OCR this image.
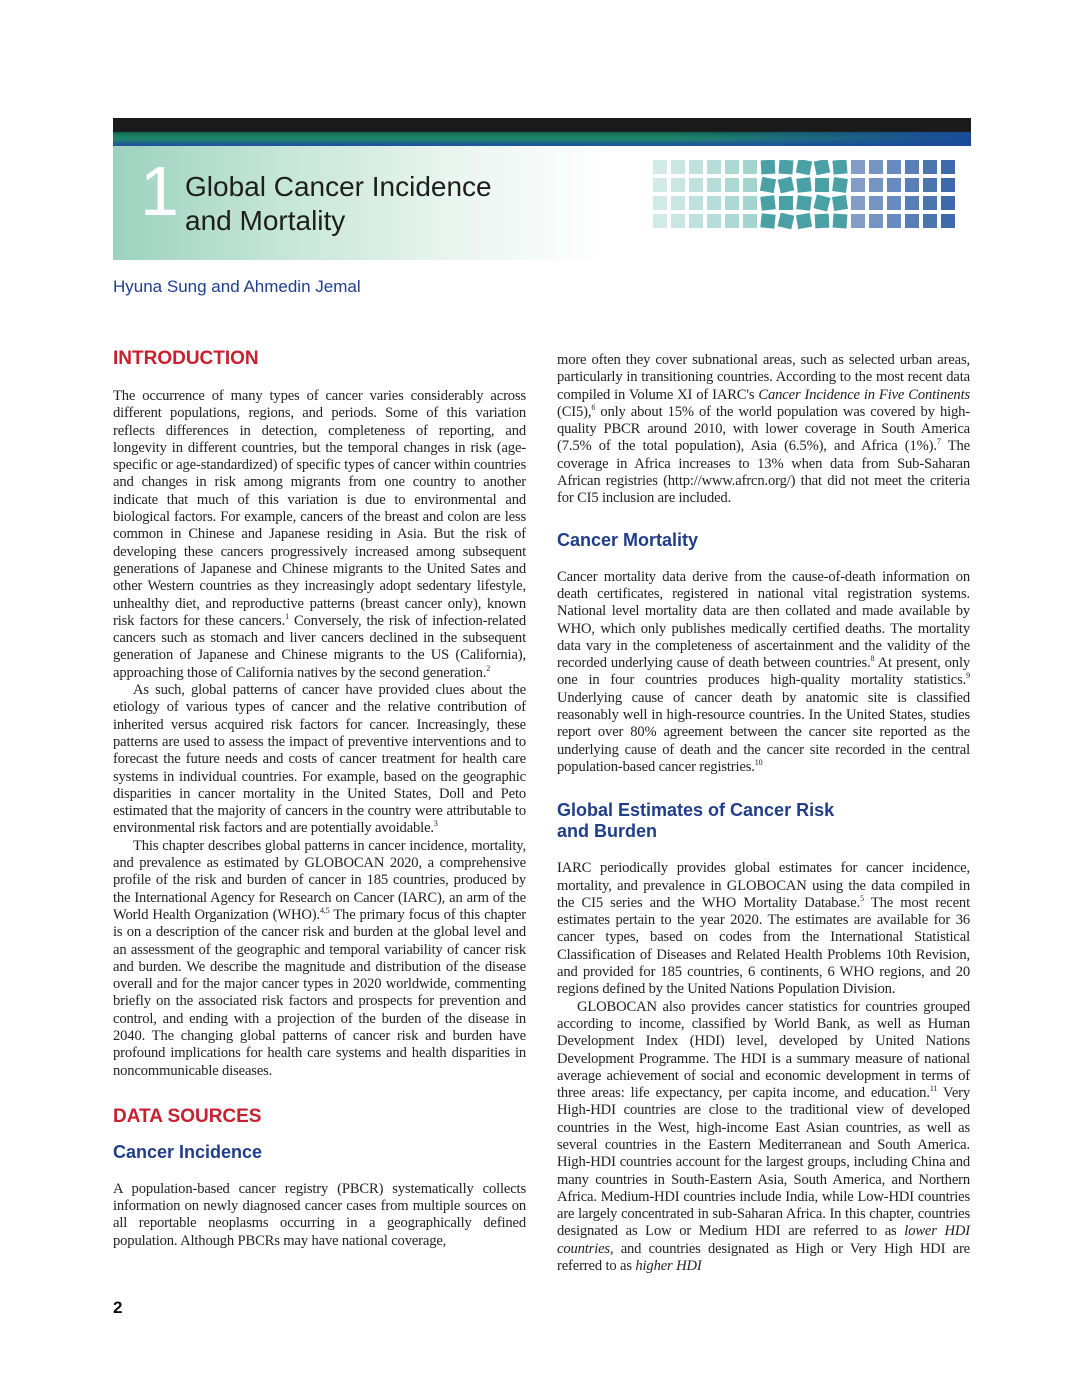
1 Global Cancer Incidence
and Mortality
Hyuna Sung and Ahmedin Jemal
INTRODUCTION

The occurrence of many types of cancer varies considerably across different populations, regions, and periods. Some of this variation reflects differences in detection, completeness of reporting, and longevity in different countries, but the temporal changes in risk (age-specific or age-standardized) of specific types of cancer within countries and changes in risk among migrants from one country to another indicate that much of this variation is due to environmental and biological factors. For example, cancers of the breast and colon are less common in Chinese and Japanese residing in Asia. But the risk of developing these cancers progressively increased among subsequent generations of Japanese and Chinese migrants to the United Sates and other Western countries as they increasingly adopt sedentary lifestyle, unhealthy diet, and reproductive patterns (breast cancer only), known risk factors for these cancers.$^1$ Conversely, the risk of infection-related cancers such as stomach and liver cancers declined in the subsequent generation of Japanese and Chinese migrants to the US (California), approaching those of California natives by the second generation.$^2$

As such, global patterns of cancer have provided clues about the etiology of various types of cancer and the relative contribution of inherited versus acquired risk factors for cancer. Increasingly, these patterns are used to assess the impact of preventive interventions and to forecast the future needs and costs of cancer treatment for health care systems in individual countries. For example, based on the geographic disparities in cancer mortality in the United States, Doll and Peto estimated that the majority of cancers in the country were attributable to environmental risk factors and are potentially avoidable.$^3$

This chapter describes global patterns in cancer incidence, mortality, and prevalence as estimated by GLOBOCAN 2020, a comprehensive profile of the risk and burden of cancer in 185 countries, produced by the International Agency for Research on Cancer (IARC), an arm of the World Health Organization (WHO).$^{4,5}$ The primary focus of this chapter is on a description of the cancer risk and burden at the global level and an assessment of the geographic and temporal variability of cancer risk and burden. We describe the magnitude and distribution of the disease overall and for the major cancer types in 2020 worldwide, commenting briefly on the associated risk factors and prospects for prevention and control, and ending with a projection of the burden of the disease in 2040. The changing global patterns of cancer risk and burden have profound implications for health care systems and health disparities in noncommunicable diseases.

DATA SOURCES
Cancer Incidence

A population-based cancer registry (PBCR) systematically collects information on newly diagnosed cancer cases from multiple sources on all reportable neoplasms occurring in a geographically defined population. Although PBCRs may have national coverage,

more often they cover subnational areas, such as selected urban areas, particularly in transitioning countries. According to the most recent data compiled in Volume XI of IARC's Cancer Incidence in Five Continents (CI5),$^6$ only about 15% of the world population was covered by high-quality PBCR around 2010, with lower coverage in South America (7.5% of the total population), Asia (6.5%), and Africa (1%).$^7$ The coverage in Africa increases to 13% when data from Sub-Saharan African registries (http://www.afrcn.org/) that did not meet the criteria for CI5 inclusion are included.

Cancer Mortality

Cancer mortality data derive from the cause-of-death information on death certificates, registered in national vital registration systems. National level mortality data are then collated and made available by WHO, which only publishes medically certified deaths. The mortality data vary in the completeness of ascertainment and the validity of the recorded underlying cause of death between countries.$^8$ At present, only one in four countries produces high-quality mortality statistics.$^9$ Underlying cause of cancer death by anatomic site is classified reasonably well in high-resource countries. In the United States, studies report over 80% agreement between the cancer site reported as the underlying cause of death and the cancer site recorded in the central population-based cancer registries.$^{10}$

Global Estimates of Cancer Risk
and Burden

IARC periodically provides global estimates for cancer incidence, mortality, and prevalence in GLOBOCAN using the data compiled in the CI5 series and the WHO Mortality Database.$^5$ The most recent estimates pertain to the year 2020. The estimates are available for 36 cancer types, based on codes from the International Statistical Classification of Diseases and Related Health Problems 10th Revision, and provided for 185 countries, 6 continents, 6 WHO regions, and 20 regions defined by the United Nations Population Division.

GLOBOCAN also provides cancer statistics for countries grouped according to income, classified by World Bank, as well as Human Development Index (HDI) level, developed by United Nations Development Programme. The HDI is a summary measure of national average achievement of social and economic development in terms of three areas: life expectancy, per capita income, and education.$^{11}$ Very High-HDI countries are close to the traditional view of developed countries in the West, high-income East Asian countries, as well as several countries in the Eastern Mediterranean and South America. High-HDI countries account for the largest groups, including China and many countries in South-Eastern Asia, South America, and Northern Africa. Medium-HDI countries include India, while Low-HDI countries are largely concentrated in sub-Saharan Africa. In this chapter, countries designated as Low or Medium HDI are referred to as lower HDI countries, and countries designated as High or Very High HDI are referred to as higher HDI

2
